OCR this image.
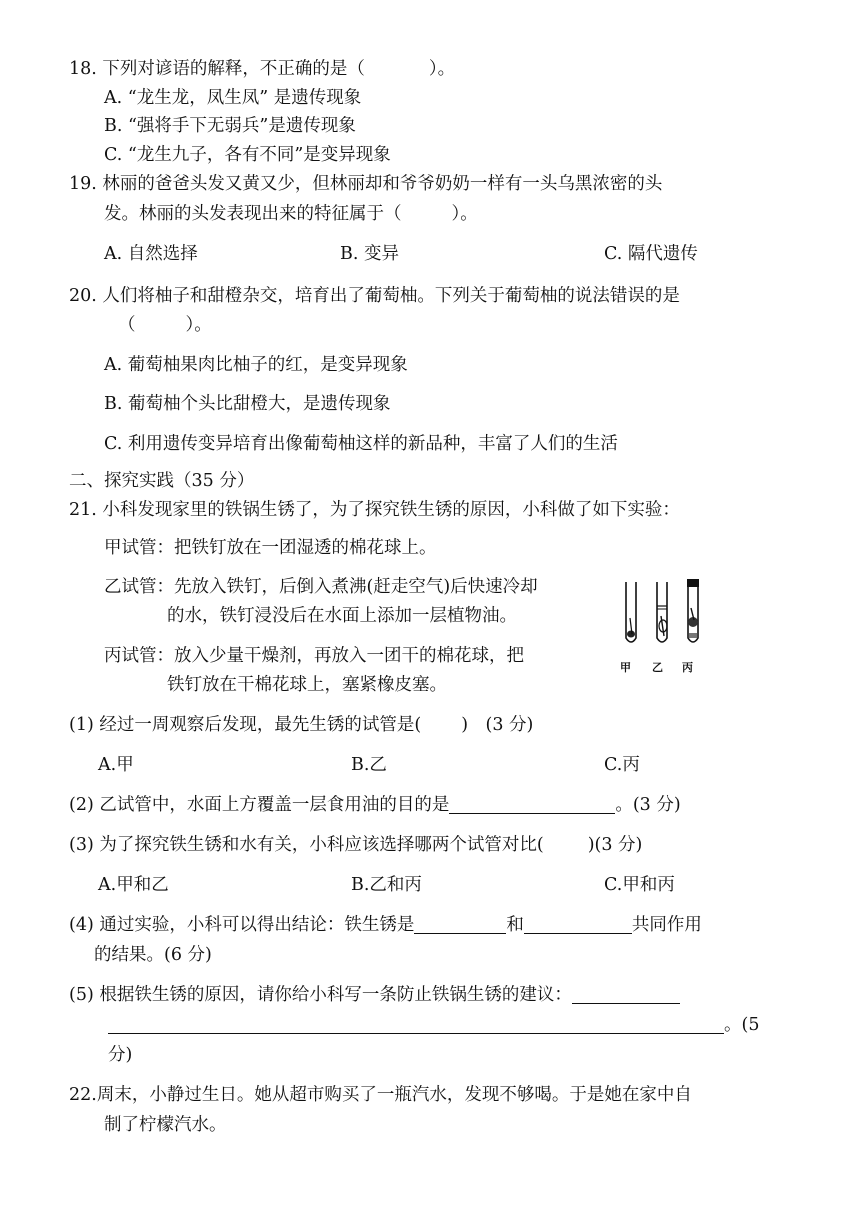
18. 下列对谚语的解释，不正确的是（	）。
A. “龙生龙，凤生凤” 是遗传现象
B. “强将手下无弱兵”是遗传现象
C. “龙生九子，各有不同”是变异现象
19. 林丽的爸爸头发又黄又少，但林丽却和爷爷奶奶一样有一头乌黑浓密的头
发。林丽的头发表现出来的特征属于（	）。
A. 自然选择	B. 变异	C. 隔代遗传
20. 人们将柚子和甜橙杂交，培育出了葡萄柚。下列关于葡萄柚的说法错误的是
（	）。
A. 葡萄柚果肉比柚子的红，是变异现象
B. 葡萄柚个头比甜橙大，是遗传现象
C. 利用遗传变异培育出像葡萄柚这样的新品种，丰富了人们的生活
二、探究实践（35 分）
21. 小科发现家里的铁锅生锈了，为了探究铁生锈的原因，小科做了如下实验：
甲试管：把铁钉放在一团湿透的棉花球上。
乙试管：先放入铁钉，后倒入煮沸(赶走空气)后快速冷却
的水，铁钉浸没后在水面上添加一层植物油。
丙试管：放入少量干燥剂，再放入一团干的棉花球，把
铁钉放在干棉花球上，塞紧橡皮塞。
甲 乙 丙
(1) 经过一周观察后发现，最先生锈的试管是( )　(3 分)
A.甲	B.乙	C.丙
(2) 乙试管中，水面上方覆盖一层食用油的目的是	。(3 分)
(3) 为了探究铁生锈和水有关，小科应该选择哪两个试管对比(	)(3 分)
A.甲和乙	B.乙和丙	C.甲和丙
(4) 通过实验，小科可以得出结论：铁生锈是	和	共同作用
的结果。(6 分)
(5) 根据铁生锈的原因，请你给小科写一条防止铁锅生锈的建议：
。(5
分)
22.周末，小静过生日。她从超市购买了一瓶汽水，发现不够喝。于是她在家中自
制了柠檬汽水。
